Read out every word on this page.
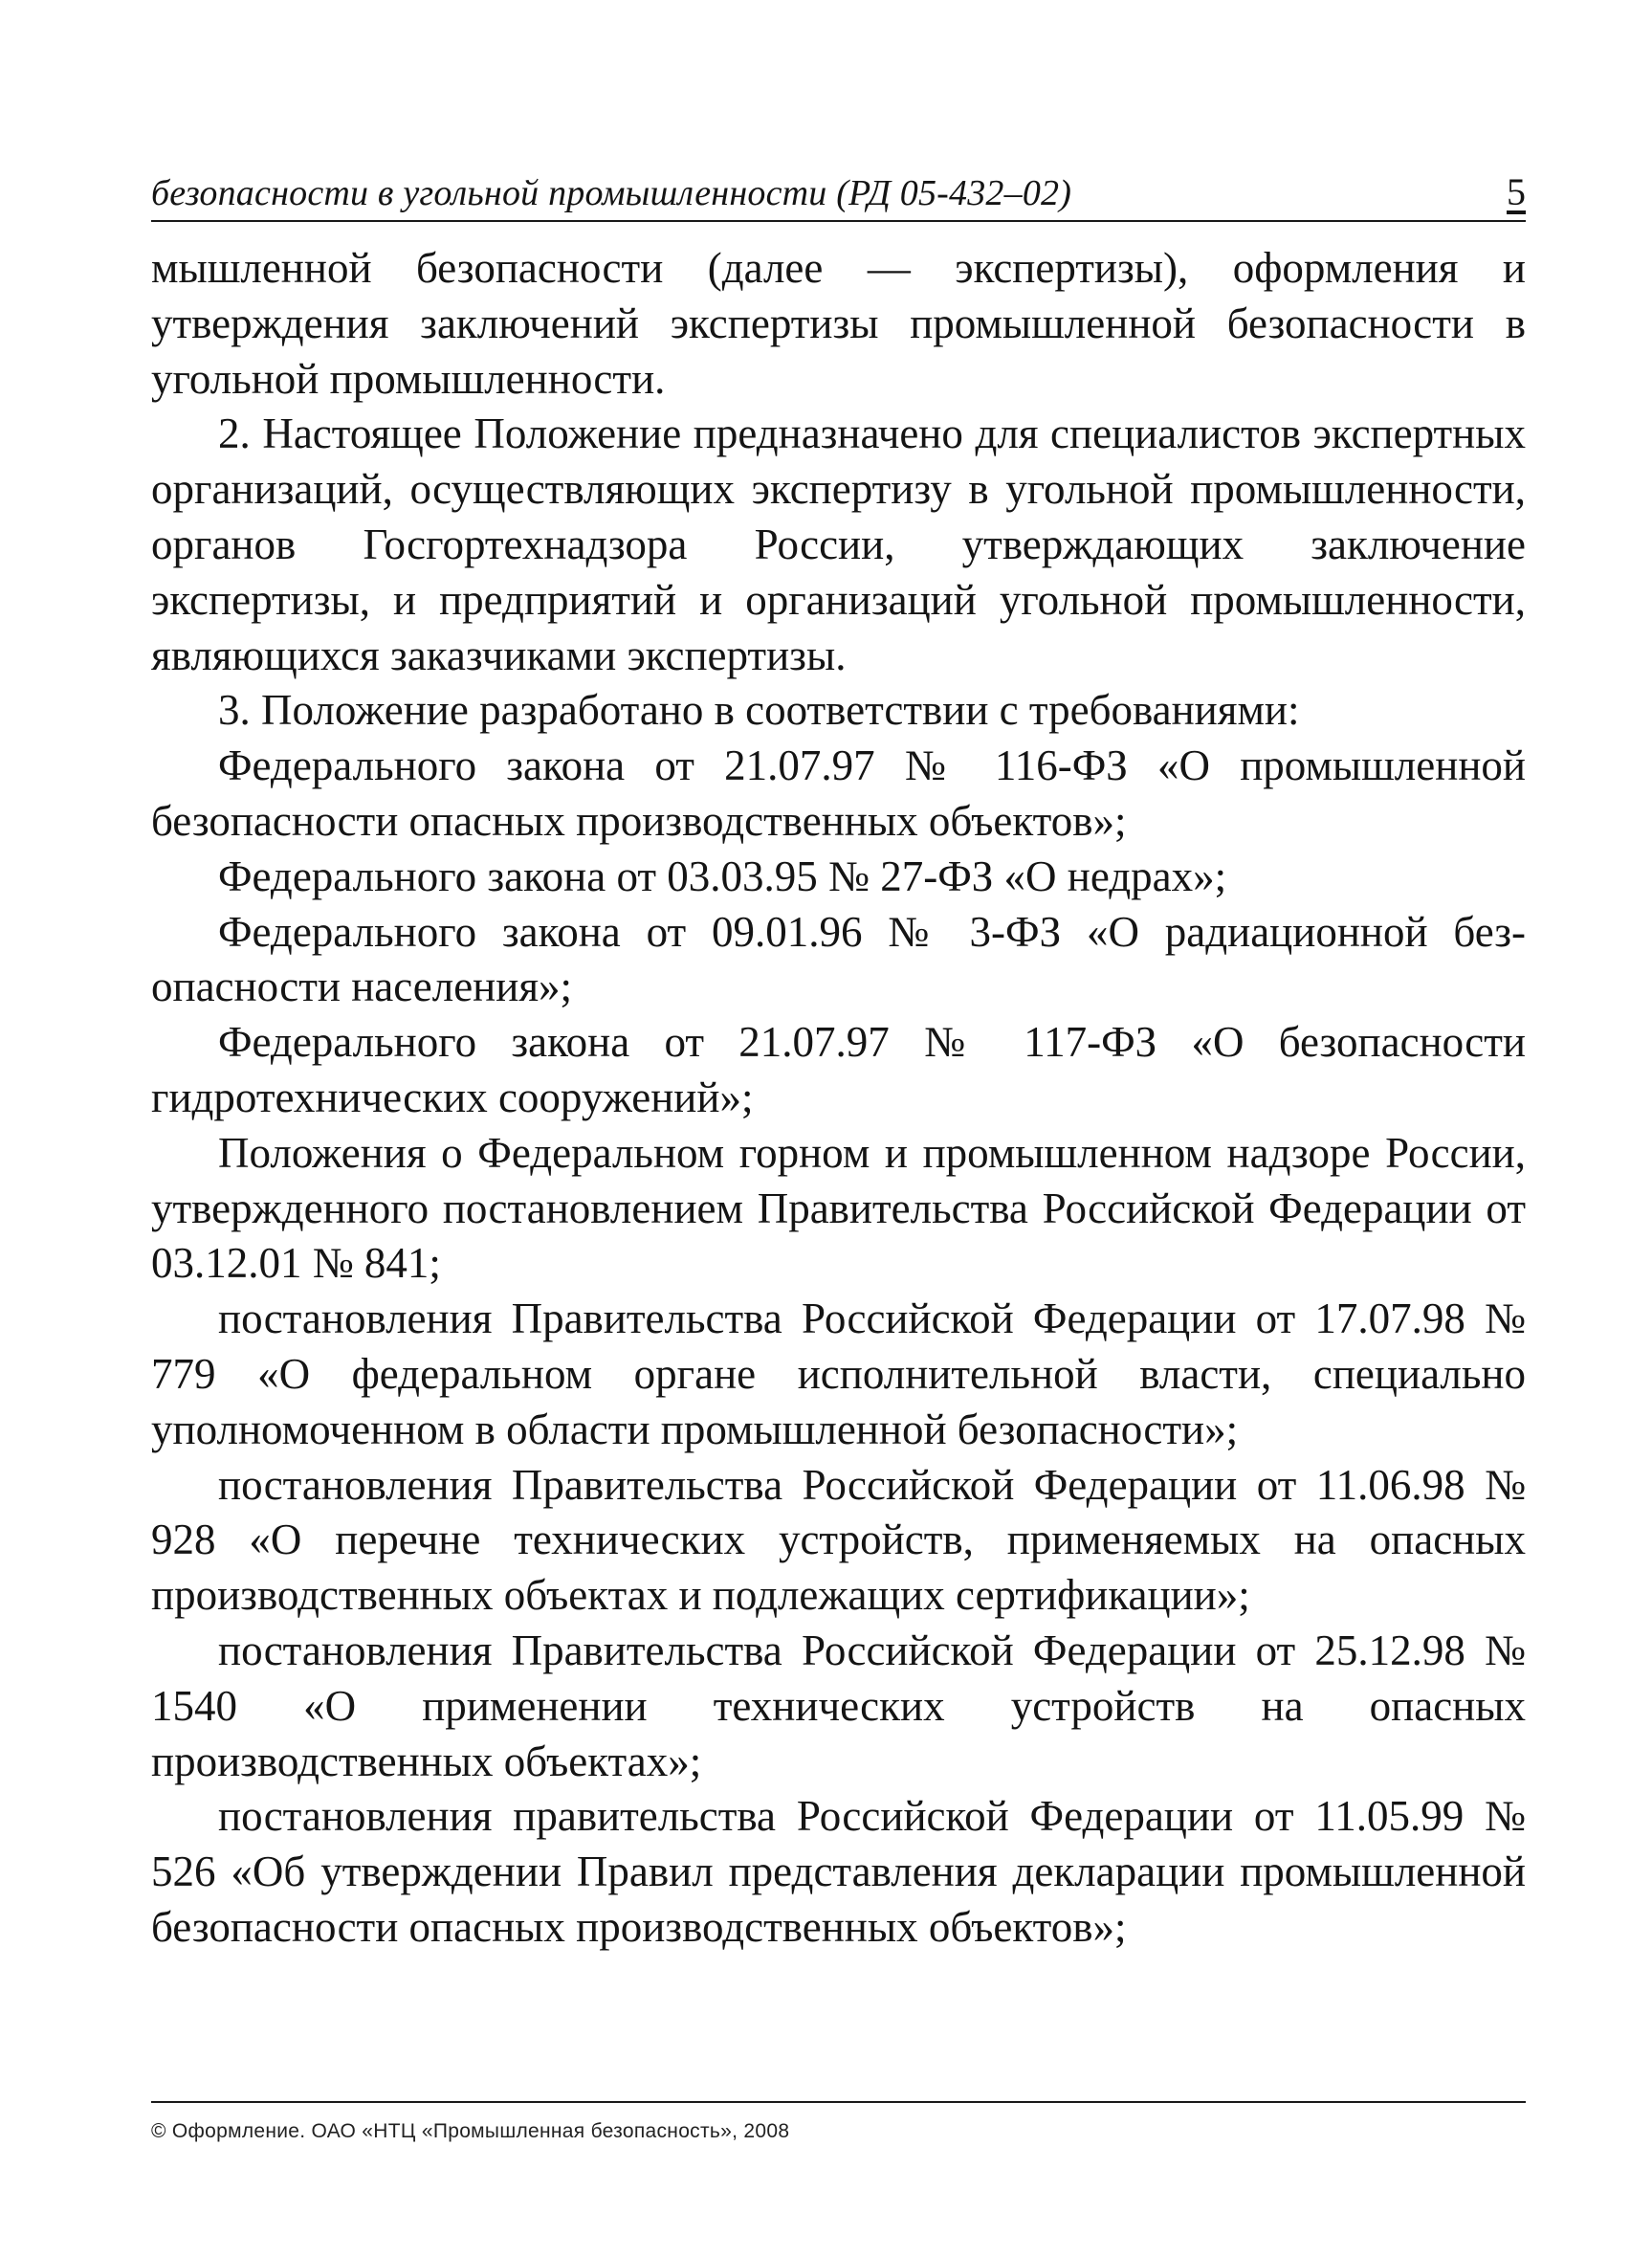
безопасности в угольной промышленности (РД 05-432–02)	5

мышленной безопасности (далее — экспертизы), оформления и утверждения заключений экспертизы промышленной безопасности в угольной промышленности.

2. Настоящее Положение предназначено для специалистов экспертных организаций, осуществляющих экспертизу в угольной промышленности, органов Госгортехнадзора России, утверждающих заключение экспертизы, и предприятий и организаций угольной промышленности, являющихся заказчиками экспертизы.

3. Положение разработано в соответствии с требованиями:

Федерального закона от 21.07.97 № 116-ФЗ «О промышленной безопасности опасных производственных объектов»;

Федерального закона от 03.03.95 № 27-ФЗ «О недрах»;

Федерального закона от 09.01.96 № 3-ФЗ «О радиационной безопасности населения»;

Федерального закона от 21.07.97 № 117-ФЗ «О безопасности гидротехнических сооружений»;

Положения о Федеральном горном и промышленном надзоре России, утвержденного постановлением Правительства Российской Федерации от 03.12.01 № 841;

постановления Правительства Российской Федерации от 17.07.98 № 779 «О федеральном органе исполнительной власти, специально уполномоченном в области промышленной безопасности»;

постановления Правительства Российской Федерации от 11.06.98 № 928 «О перечне технических устройств, применяемых на опасных производственных объектах и подлежащих сертификации»;

постановления Правительства Российской Федерации от 25.12.98 № 1540 «О применении технических устройств на опасных производственных объектах»;

постановления правительства Российской Федерации от 11.05.99 № 526 «Об утверждении Правил представления декларации промышленной безопасности опасных производственных объектов»;

© Оформление. ОАО «НТЦ «Промышленная безопасность», 2008
